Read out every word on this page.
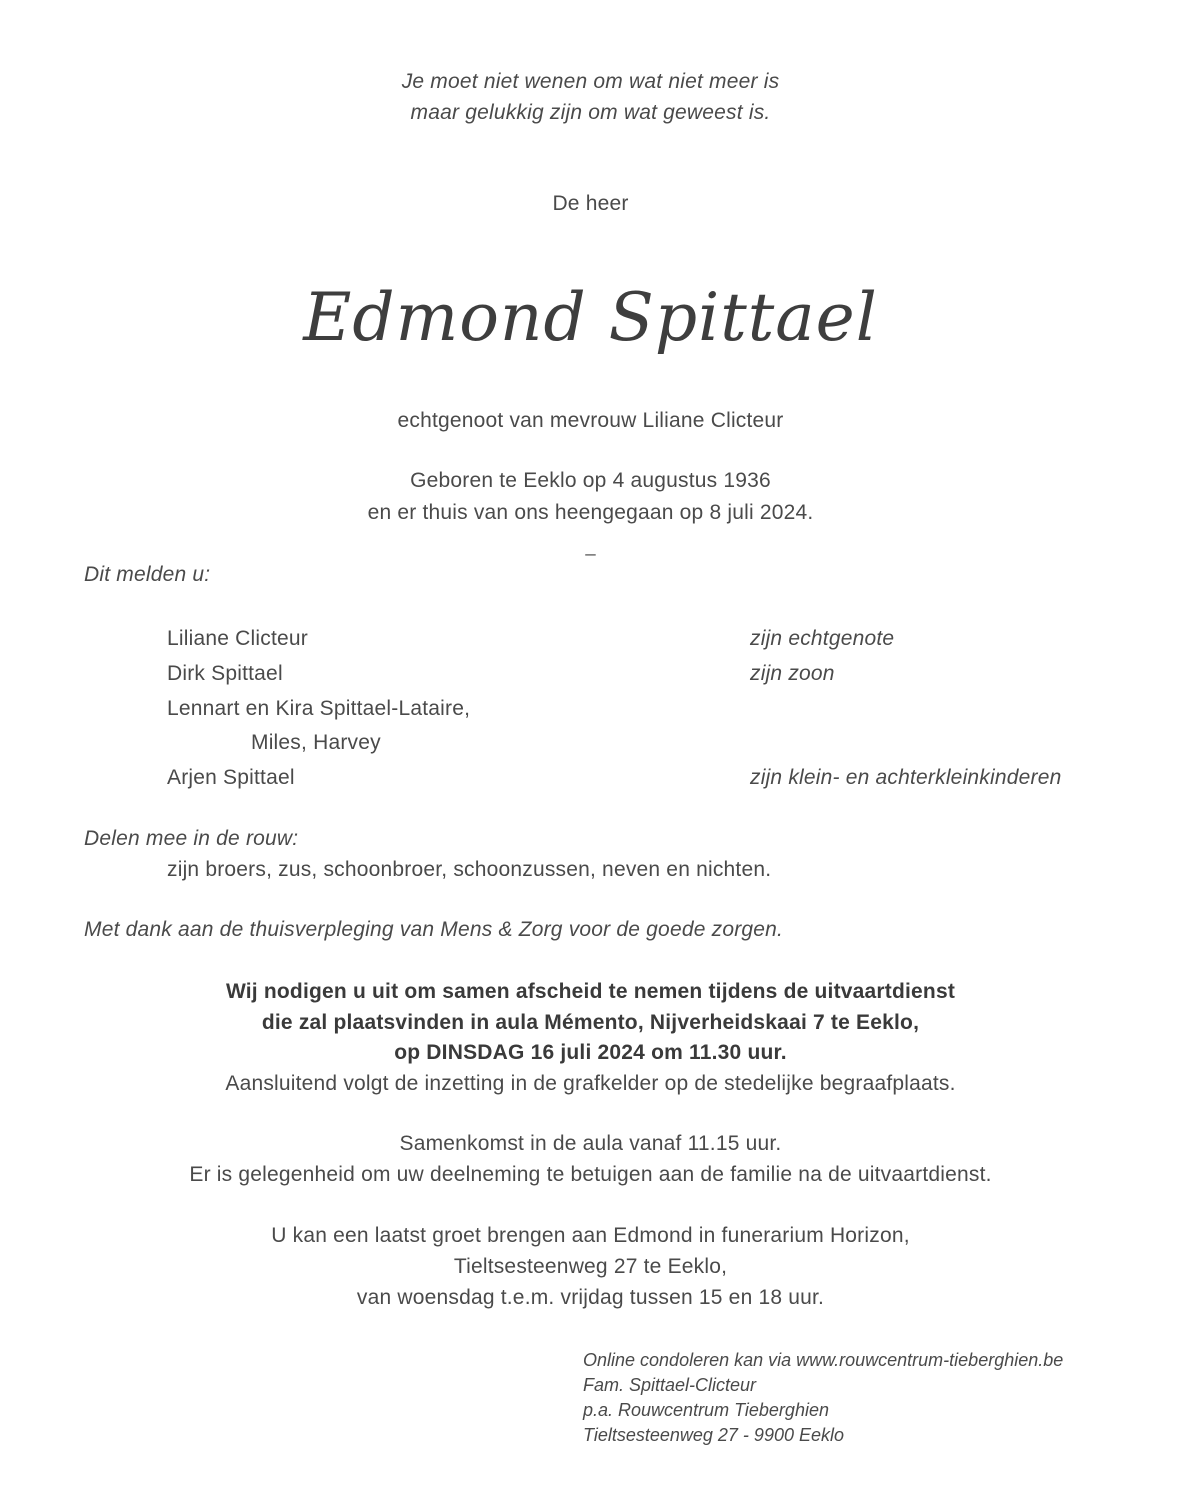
Je moet niet wenen om wat niet meer is
maar gelukkig zijn om wat geweest is.
De heer
Edmond Spittael
echtgenoot van mevrouw Liliane Clicteur
Geboren te Eeklo op 4 augustus 1936
en er thuis van ons heengegaan op 8 juli 2024.
_
Dit melden u:
Liliane Clicteur	zijn echtgenote
Dirk Spittael	zijn zoon
Lennart en Kira Spittael-Lataire,
Miles, Harvey
Arjen Spittael	zijn klein- en achterkleinkinderen
Delen mee in de rouw:
zijn broers, zus, schoonbroer, schoonzussen, neven en nichten.
Met dank aan de thuisverpleging van Mens & Zorg voor de goede zorgen.
Wij nodigen u uit om samen afscheid te nemen tijdens de uitvaartdienst
die zal plaatsvinden in aula Mémento, Nijverheidskaai 7 te Eeklo,
op DINSDAG 16 juli 2024 om 11.30 uur.
Aansluitend volgt de inzetting in de grafkelder op de stedelijke begraafplaats.
Samenkomst in de aula vanaf 11.15 uur.
Er is gelegenheid om uw deelneming te betuigen aan de familie na de uitvaartdienst.
U kan een laatst groet brengen aan Edmond in funerarium Horizon,
Tieltsesteenweg 27 te Eeklo,
van woensdag t.e.m. vrijdag tussen 15 en 18 uur.
Online condoleren kan via www.rouwcentrum-tieberghien.be
Fam. Spittael-Clicteur
p.a. Rouwcentrum Tieberghien
Tieltsesteenweg 27 - 9900 Eeklo
